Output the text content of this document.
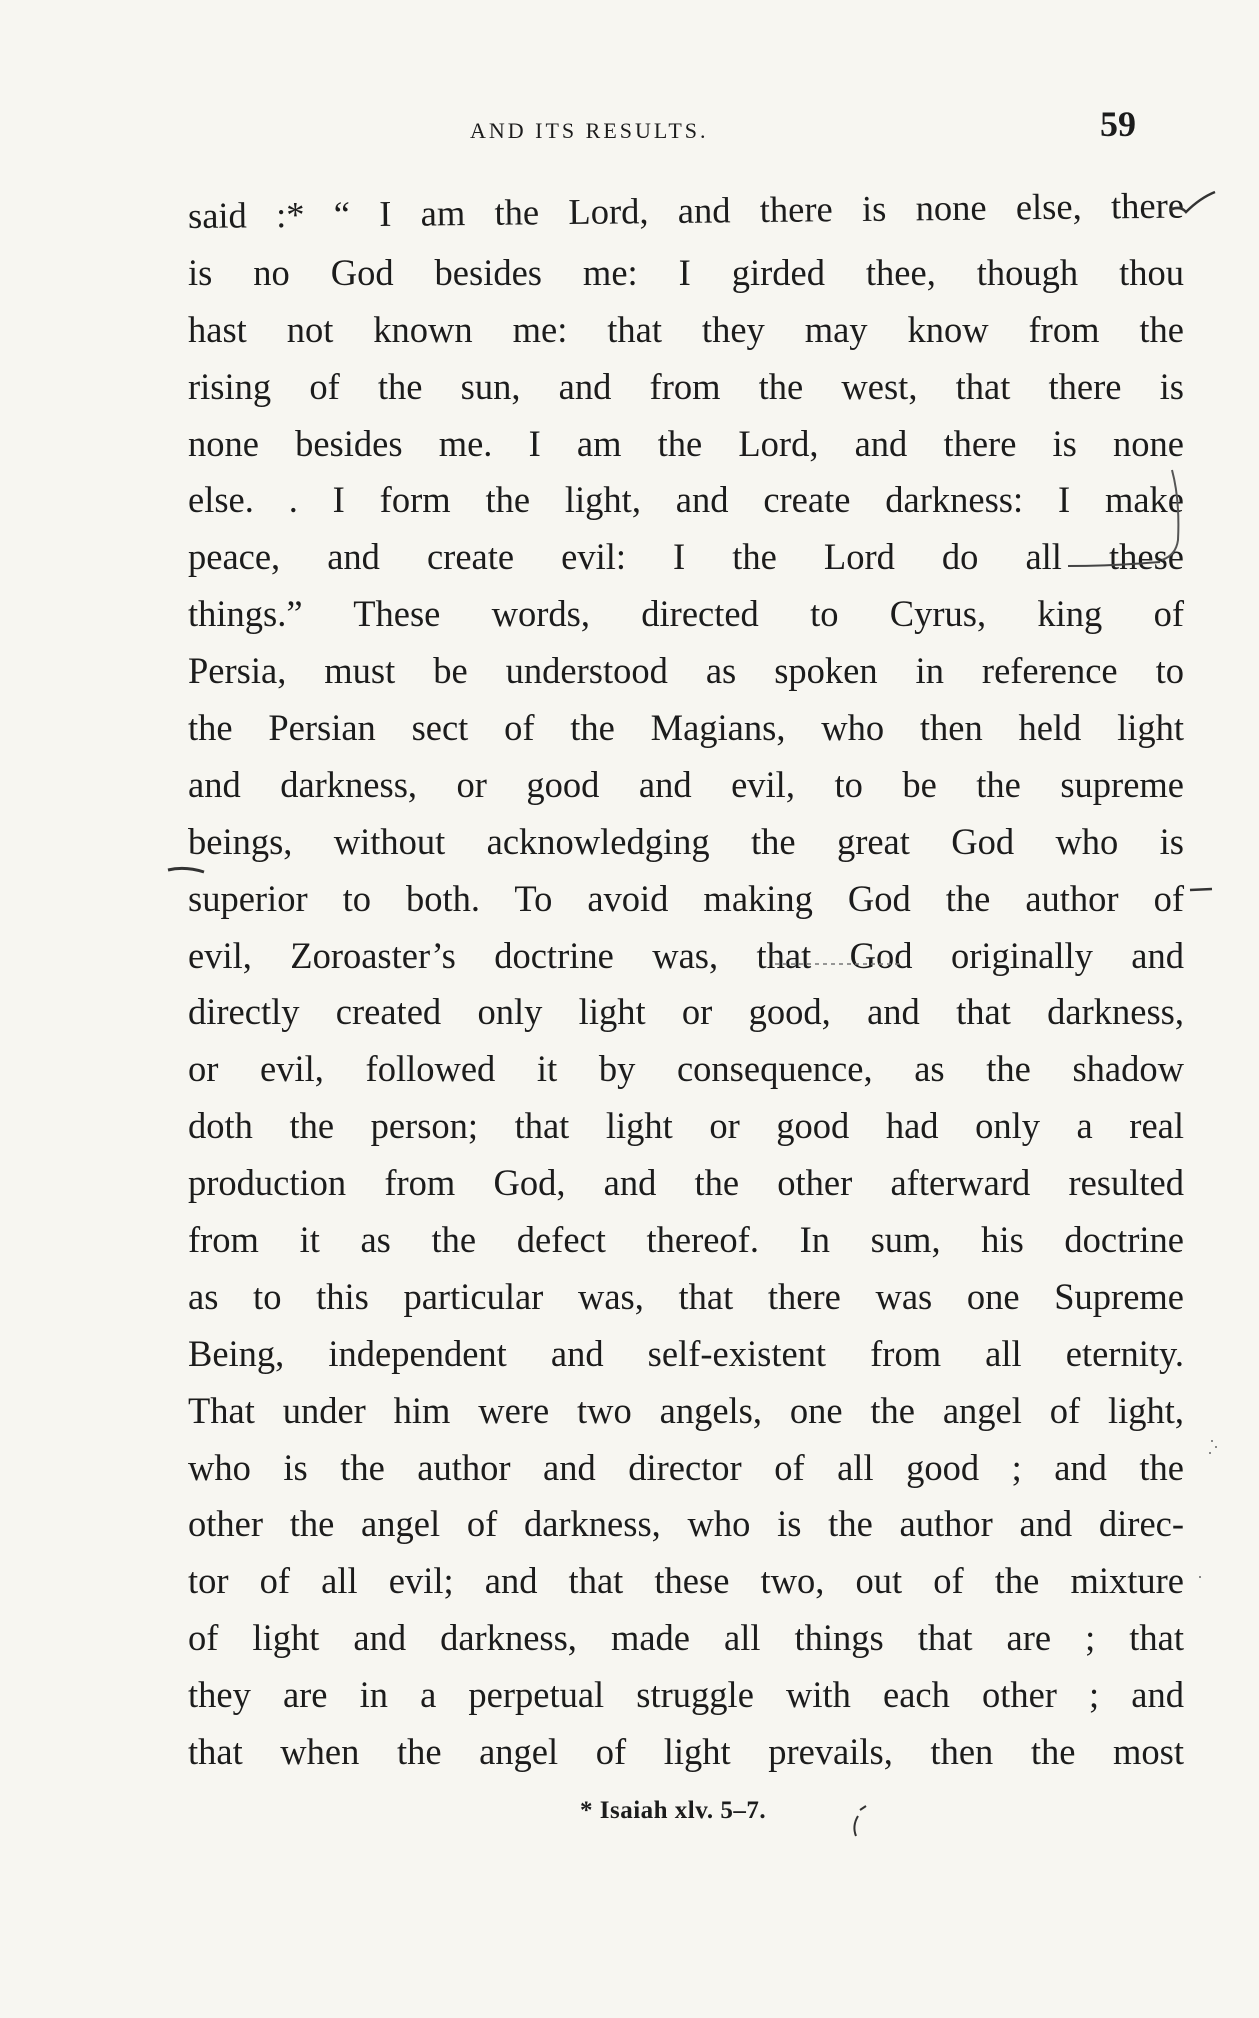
AND ITS RESULTS.	59
said :* “ I am the Lord, and there is none else, there
is no God besides me: I girded thee, though thou
hast not known me: that they may know from the
rising of the sun, and from the west, that there is
none besides me. I am the Lord, and there is none
else. . I form the light, and create darkness: I make
peace, and create evil: I the Lord do all these
things.” These words, directed to Cyrus, king of
Persia, must be understood as spoken in reference to
the Persian sect of the Magians, who then held light
and darkness, or good and evil, to be the supreme
beings, without acknowledging the great God who is
superior to both. To avoid making God the author of
evil, Zoroaster’s doctrine was, that God originally and
directly created only light or good, and that darkness,
or evil, followed it by consequence, as the shadow
doth the person; that light or good had only a real
production from God, and the other afterward resulted
from it as the defect thereof. In sum, his doctrine
as to this particular was, that there was one Supreme
Being, independent and self-existent from all eternity.
That under him were two angels, one the angel of light,
who is the author and director of all good ; and the
other the angel of darkness, who is the author and direc-
tor of all evil; and that these two, out of the mixture
of light and darkness, made all things that are ; that
they are in a perpetual struggle with each other ; and
that when the angel of light prevails, then the most
* Isaiah xlv. 5–7.
